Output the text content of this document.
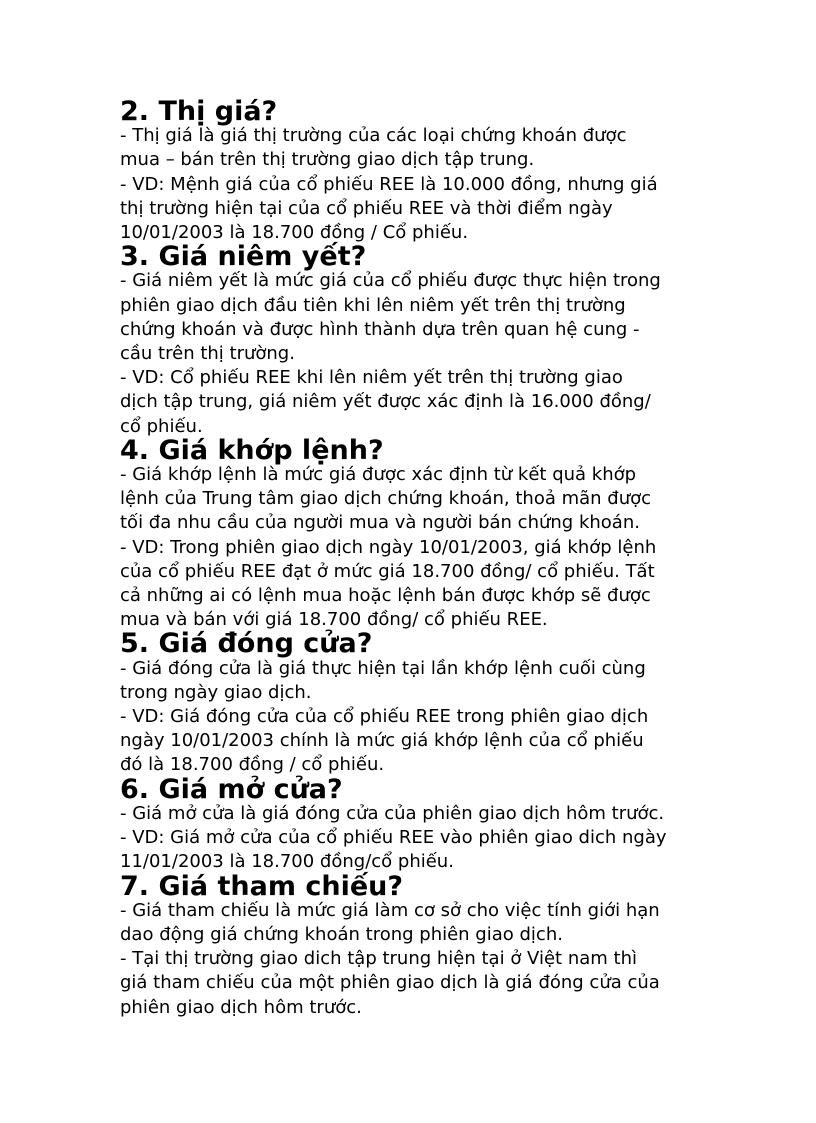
2. Thị giá?

- Thị giá là giá thị trường của các loại chứng khoán được
mua – bán trên thị trường giao dịch tập trung.

- VD: Mệnh giá của cổ phiếu REE là 10.000 đồng, nhưng giá
thị trường hiện tại của cổ phiếu REE và thời điểm ngày
10/01/2003 là 18.700 đồng / Cổ phiếu.

3. Giá niêm yết?

- Giá niêm yết là mức giá của cổ phiếu được thực hiện trong
phiên giao dịch đầu tiên khi lên niêm yết trên thị trường
chứng khoán và được hình thành dựa trên quan hệ cung -
cầu trên thị trường.

- VD: Cổ phiếu REE khi lên niêm yết trên thị trường giao
dịch tập trung, giá niêm yết được xác định là 16.000 đồng/
cổ phiếu.

4. Giá khớp lệnh?

- Giá khớp lệnh là mức giá được xác định từ kết quả khớp
lệnh của Trung tâm giao dịch chứng khoán, thoả mãn được
tối đa nhu cầu của người mua và người bán chứng khoán.

- VD: Trong phiên giao dịch ngày 10/01/2003, giá khớp lệnh
của cổ phiếu REE đạt ở mức giá 18.700 đồng/ cổ phiếu. Tất
cả những ai có lệnh mua hoặc lệnh bán được khớp sẽ được
mua và bán với giá 18.700 đồng/ cổ phiếu REE.

5. Giá đóng cửa?

- Giá đóng cửa là giá thực hiện tại lần khớp lệnh cuối cùng
trong ngày giao dịch.

- VD: Giá đóng cửa của cổ phiếu REE trong phiên giao dịch
ngày 10/01/2003 chính là mức giá khớp lệnh của cổ phiếu
đó là 18.700 đồng / cổ phiếu.

6. Giá mở cửa?

- Giá mở cửa là giá đóng cửa của phiên giao dịch hôm trước.

- VD: Giá mở cửa của cổ phiếu REE vào phiên giao dich ngày
11/01/2003 là 18.700 đồng/cổ phiếu.

7. Giá tham chiếu?

- Giá tham chiếu là mức giá làm cơ sở cho việc tính giới hạn
dao động giá chứng khoán trong phiên giao dịch.

- Tại thị trường giao dich tập trung hiện tại ở Việt nam thì
giá tham chiếu của một phiên giao dịch là giá đóng cửa của
phiên giao dịch hôm trước.
